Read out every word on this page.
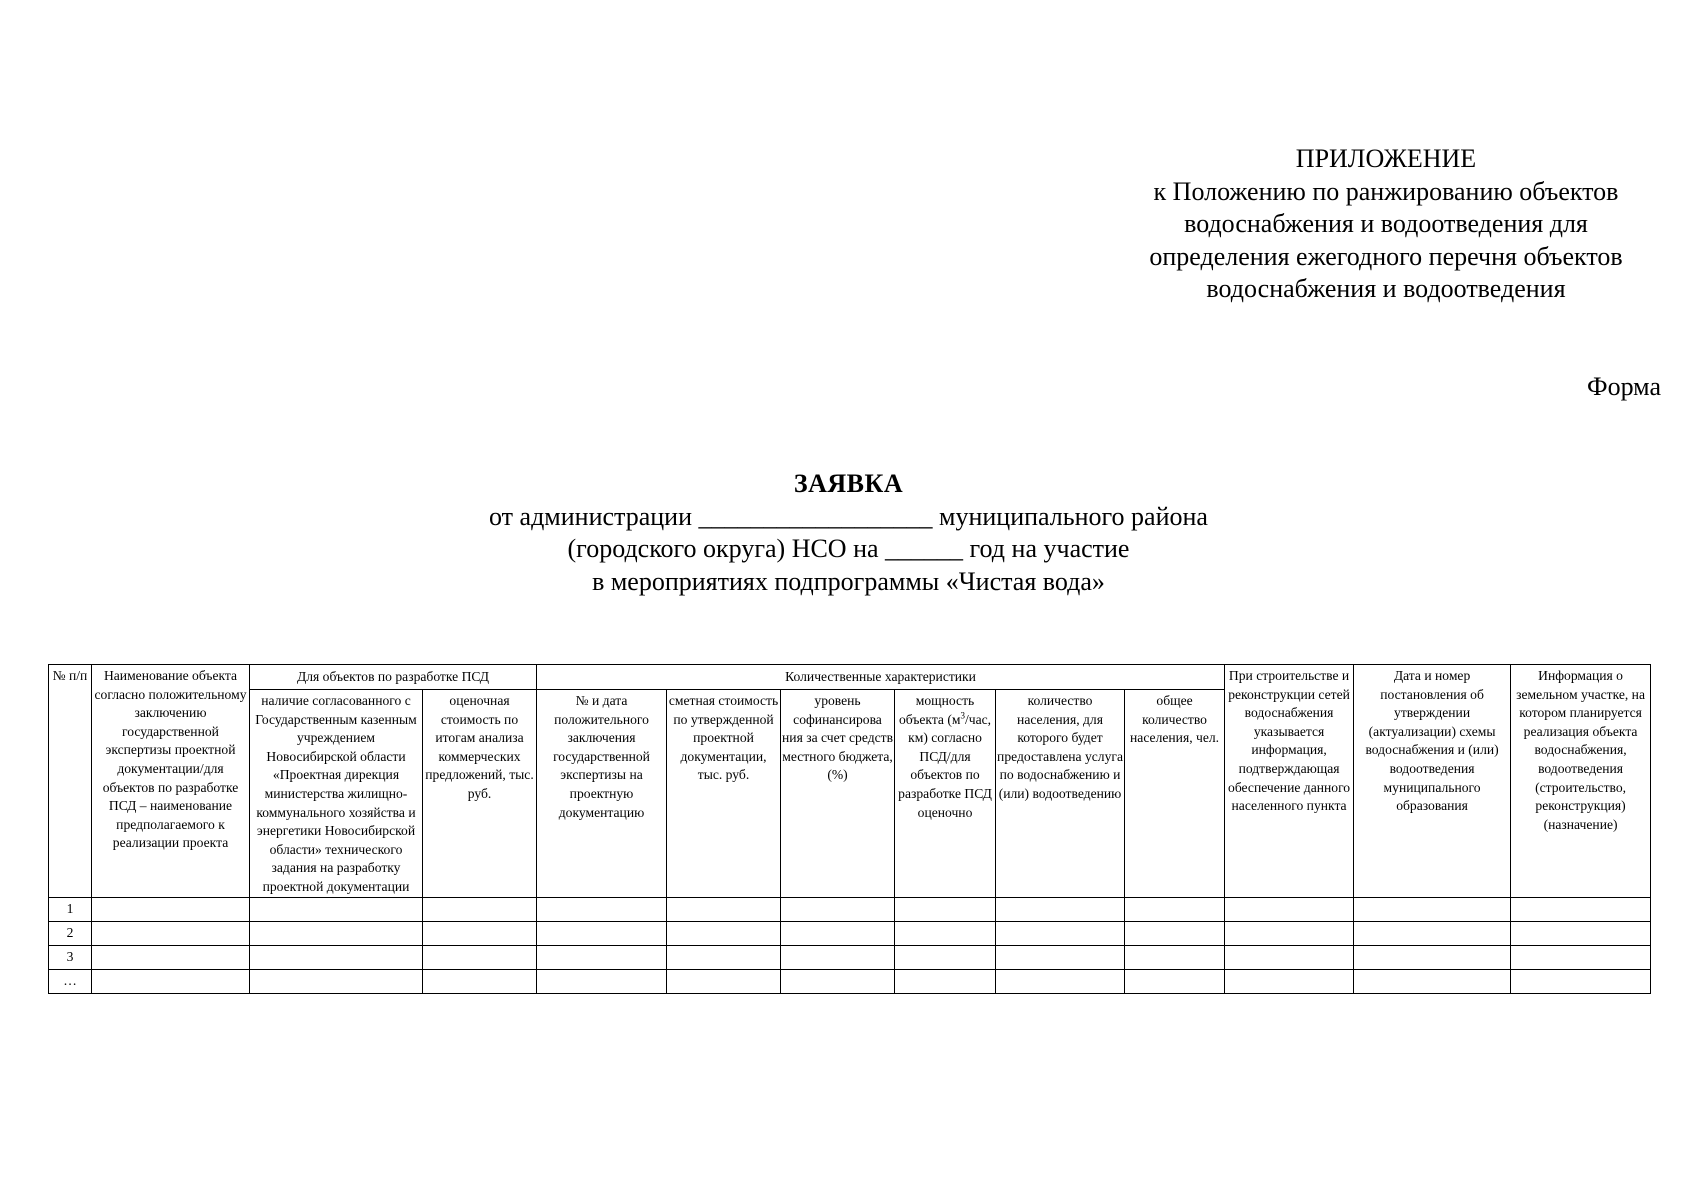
ПРИЛОЖЕНИЕ
к Положению по ранжированию объектов
водоснабжения и водоотведения для
определения ежегодного перечня объектов
водоснабжения и водоотведения
Форма
ЗАЯВКА
от администрации __________________ муниципального района
(городского округа) НСО на ______ год на участие
в мероприятиях подпрограммы «Чистая вода»
№ п/п	Наименование объекта согласно положительному заключению государственной экспертизы проектной документации/для объектов по разработке ПСД – наименование предполагаемого к реализации проекта	Для объектов по разработке ПСД		Количественные характеристики						При строительстве и реконструкции сетей водоснабжения указывается информация, подтверждающая обеспечение данного населенного пункта	Дата и номер постановления об утверждении (актуализации) схемы водоснабжения и (или) водоотведения муниципального образования	Информация о земельном участке, на котором планируется реализация объекта водоснабжения, водоотведения (строительство, реконструкция) (назначение)
		наличие согласованного с Государственным казенным учреждением Новосибирской области «Проектная дирекция министерства жилищно-коммунального хозяйства и энергетики Новосибирской области» технического задания на разработку проектной документации	оценочная стоимость по итогам анализа коммерческих предложений, тыс. руб.	№ и дата положительного заключения государственной экспертизы на проектную документацию	сметная стоимость по утвержденной проектной документации, тыс. руб.	уровень софинансирова ния за счет средств местного бюджета, (%)	мощность объекта ($м^3$/час, км) согласно ПСД/для объектов по разработке ПСД оценочно	количество населения, для которого будет предоставлена услуга по водоснабжению и (или) водоотведению	общее количество населения, чел.			
1												
2												
3												
…												
